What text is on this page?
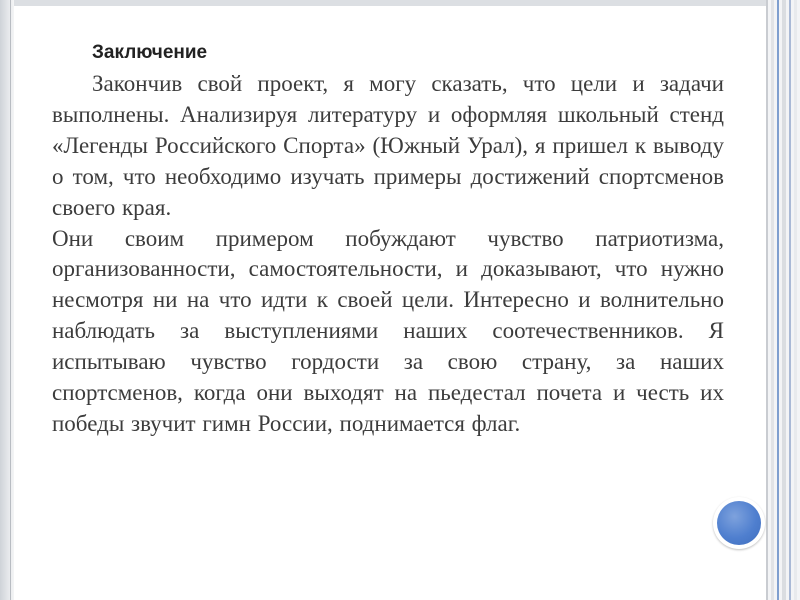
Заключение

Закончив свой проект, я могу сказать, что цели и задачи выполнены. Анализируя литературу и оформляя школьный стенд «Легенды Российского Спорта» (Южный Урал), я пришел к выводу о том, что необходимо изучать примеры достижений спортсменов своего края.

Они своим примером побуждают чувство патриотизма, организованности, самостоятельности, и доказывают, что нужно несмотря ни на что идти к своей цели. Интересно и волнительно наблюдать за выступлениями наших соотечественников. Я испытываю чувство гордости за свою страну, за наших спортсменов, когда они выходят на пьедестал почета и честь их победы звучит гимн России, поднимается флаг.
